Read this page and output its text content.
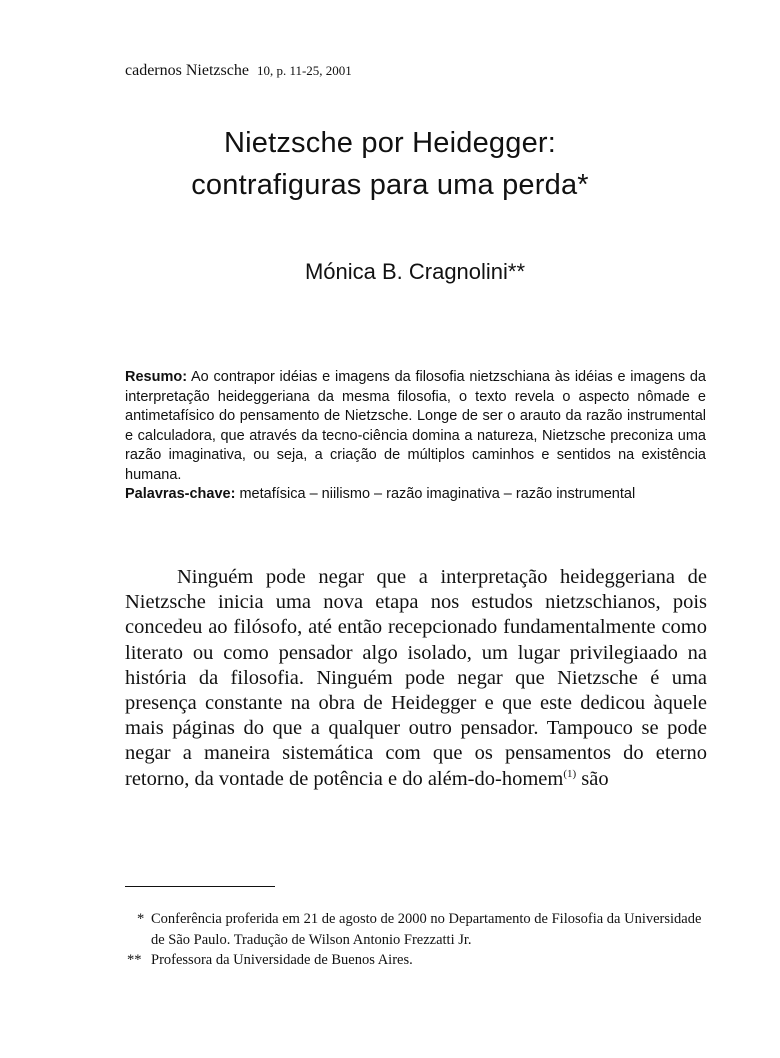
cadernos Nietzsche 10, p. 11-25, 2001
Nietzsche por Heidegger:
contrafiguras para uma perda*
Mónica B. Cragnolini**

Resumo: Ao contrapor idéias e imagens da filosofia nietzschiana às idéias e imagens da interpretação heideggeriana da mesma filosofia, o texto revela o aspecto nômade e antimetafísico do pensamento de Nietzsche. Longe de ser o arauto da razão instrumental e calculadora, que através da tecno-ciência domina a natureza, Nietzsche preconiza uma razão imaginativa, ou seja, a criação de múltiplos caminhos e sentidos na existência humana.

Palavras-chave: metafísica – niilismo – razão imaginativa – razão instrumental

Ninguém pode negar que a interpretação heideggeriana de Nietzsche inicia uma nova etapa nos estudos nietzschianos, pois concedeu ao filósofo, até então recepcionado fundamentalmente como literato ou como pensador algo isolado, um lugar privilegiaado na história da filosofia. Ninguém pode negar que Nietzsche é uma presença constante na obra de Heidegger e que este dedicou àquele mais páginas do que a qualquer outro pensador. Tampouco se pode negar a maneira sistemática com que os pensamentos do eterno retorno, da vontade de potência e do além-do-homem$^{(1)}$ são

* Conferência proferida em 21 de agosto de 2000 no Departamento de Filosofia da Universidade de São Paulo. Tradução de Wilson Antonio Frezzatti Jr.
** Professora da Universidade de Buenos Aires.
